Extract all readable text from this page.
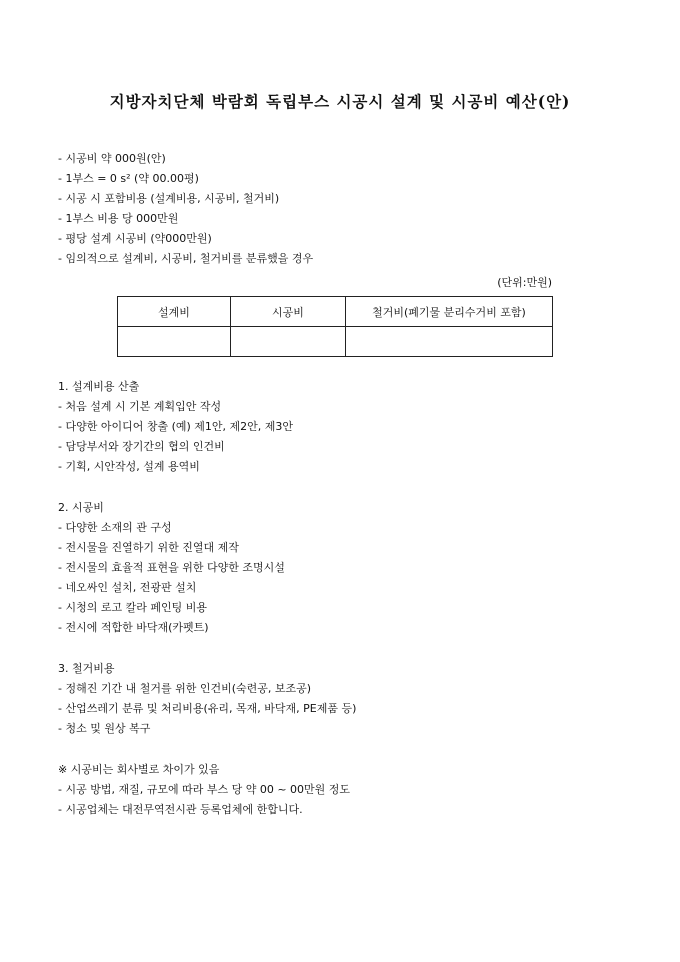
지방자치단체 박람회 독립부스 시공시 설계 및 시공비 예산(안)
- 시공비 약 000원(안)
- 1부스 = 0 s² (약 00.00평)
- 시공 시 포함비용 (설계비용, 시공비, 철거비)
- 1부스 비용 당 000만원
- 평당 설계 시공비 (약000만원)
- 임의적으로 설계비, 시공비, 철거비를 분류했을 경우
(단위:만원)
설계비	시공비	철거비(폐기물 분리수거비 포함)

1. 설계비용 산출
- 처음 설계 시 기본 계획입안 작성
- 다양한 아이디어 창출 (예) 제1안, 제2안, 제3안
- 담당부서와 장기간의 협의 인건비
- 기획, 시안작성, 설계 용역비
2. 시공비
- 다양한 소재의 관 구성
- 전시물을 진열하기 위한 진열대 제작
- 전시물의 효율적 표현을 위한 다양한 조명시설
- 네오싸인 설치, 전광판 설치
- 시청의 로고 칼라 페인팅 비용
- 전시에 적합한 바닥재(카펫트)
3. 철거비용
- 정해진 기간 내 철거를 위한 인건비(숙련공, 보조공)
- 산업쓰레기 분류 및 처리비용(유리, 목재, 바닥재, PE제품 등)
- 청소 및 원상 복구
※ 시공비는 회사별로 차이가 있음
- 시공 방법, 재질, 규모에 따라 부스 당 약 00 ~ 00만원 정도
- 시공업체는 대전무역전시관 등록업체에 한합니다.
